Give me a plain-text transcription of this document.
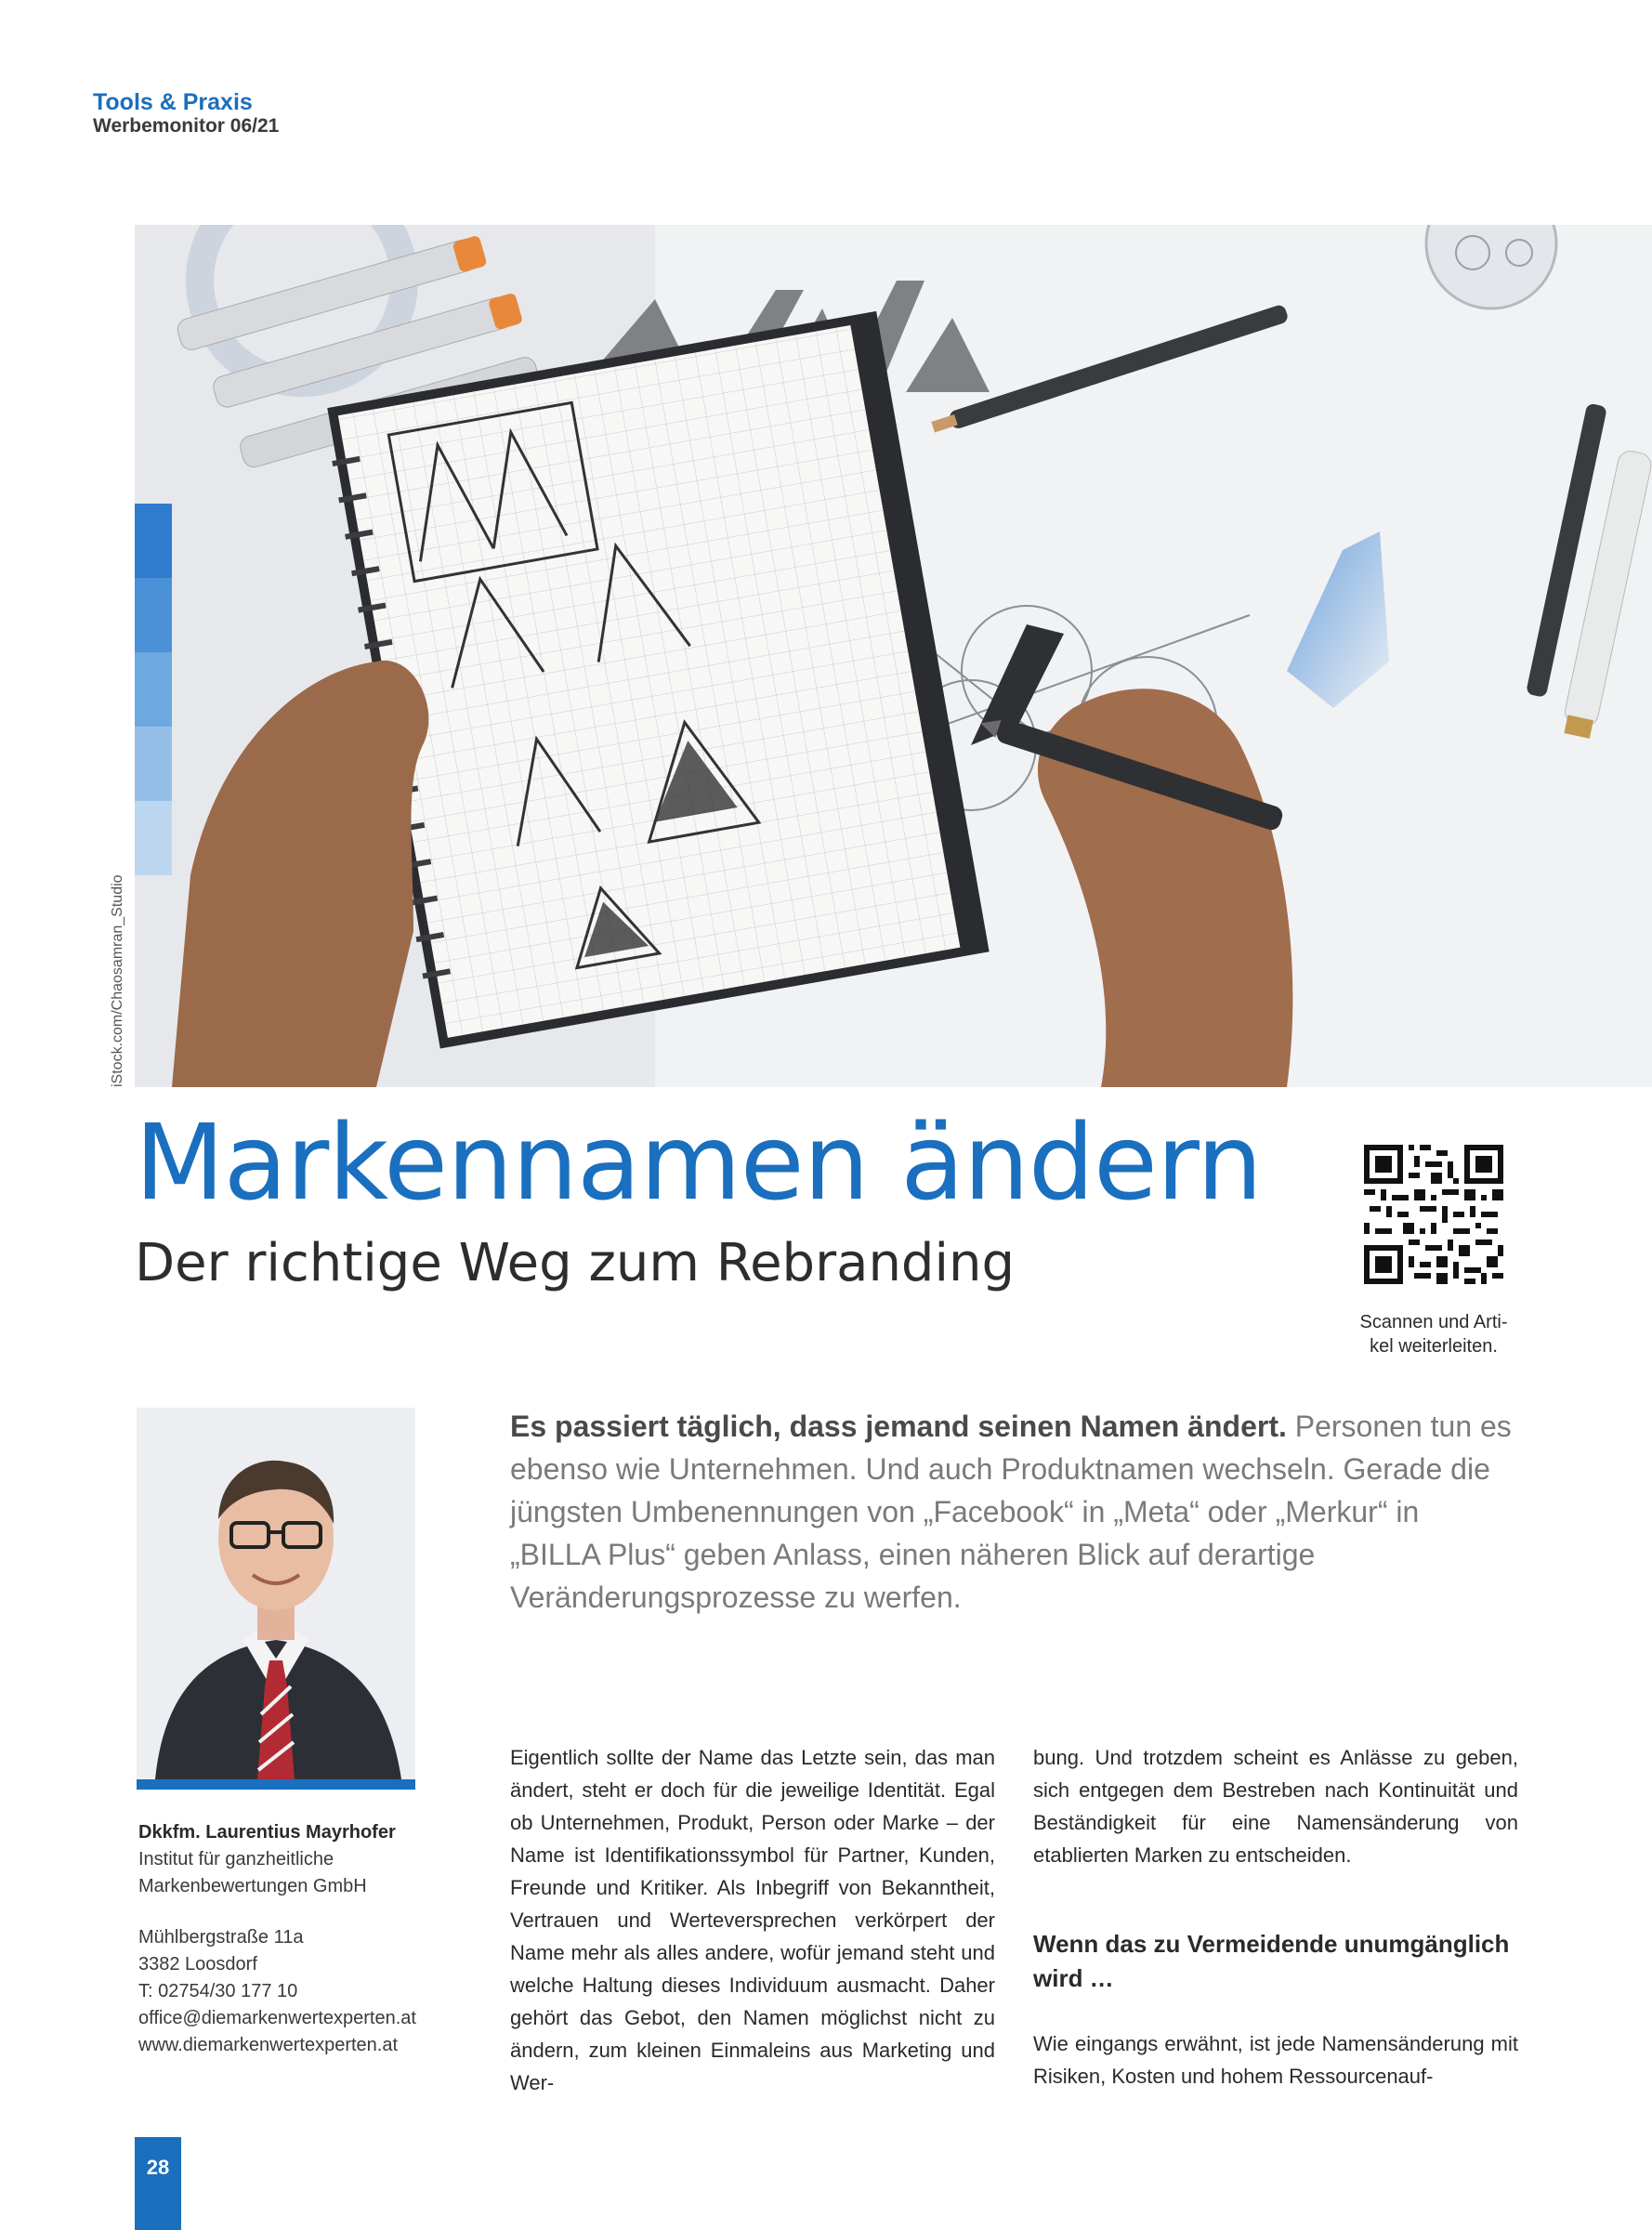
Tools & Praxis
Werbemonitor 06/21
iStock.com/Chaosamran_Studio
Markennamen ändern
Der richtige Weg zum Rebranding
Scannen und Arti-
kel weiterleiten.
Dkkfm. Laurentius Mayrhofer
Institut für ganzheitliche
Markenbewertungen GmbH
Mühlbergstraße 11a
3382 Loosdorf
T: 02754/30 177 10
office@diemarkenwertexperten.at
www.diemarkenwertexperten.at
Es passiert täglich, dass jemand seinen Namen ändert. Personen tun es ebenso wie Unternehmen. Und auch Produktnamen wechseln. Gerade die jüngsten Umbenennungen von „Facebook“ in „Meta“ oder „Merkur“ in „BILLA Plus“ geben Anlass, einen näheren Blick auf derartige Veränderungsprozesse zu werfen.
Eigentlich sollte der Name das Letzte sein, das man ändert, steht er doch für die jeweilige Identität. Egal ob Unternehmen, Produkt, Person oder Marke – der Name ist Identifikationssymbol für Partner, Kunden, Freunde und Kritiker. Als Inbegriff von Bekanntheit, Vertrauen und Werteversprechen verkörpert der Name mehr als alles andere, wofür jemand steht und welche Haltung dieses Individuum ausmacht. Daher gehört das Gebot, den Namen möglichst nicht zu ändern, zum kleinen Einmaleins aus Marketing und Wer-
bung. Und trotzdem scheint es Anlässe zu geben, sich entgegen dem Bestreben nach Kontinuität und Beständigkeit für eine Namensänderung von etablierten Marken zu entscheiden.
Wenn das zu Vermeidende unumgänglich wird …
Wie eingangs erwähnt, ist jede Namensänderung mit Risiken, Kosten und hohem Ressourcenauf-
28
